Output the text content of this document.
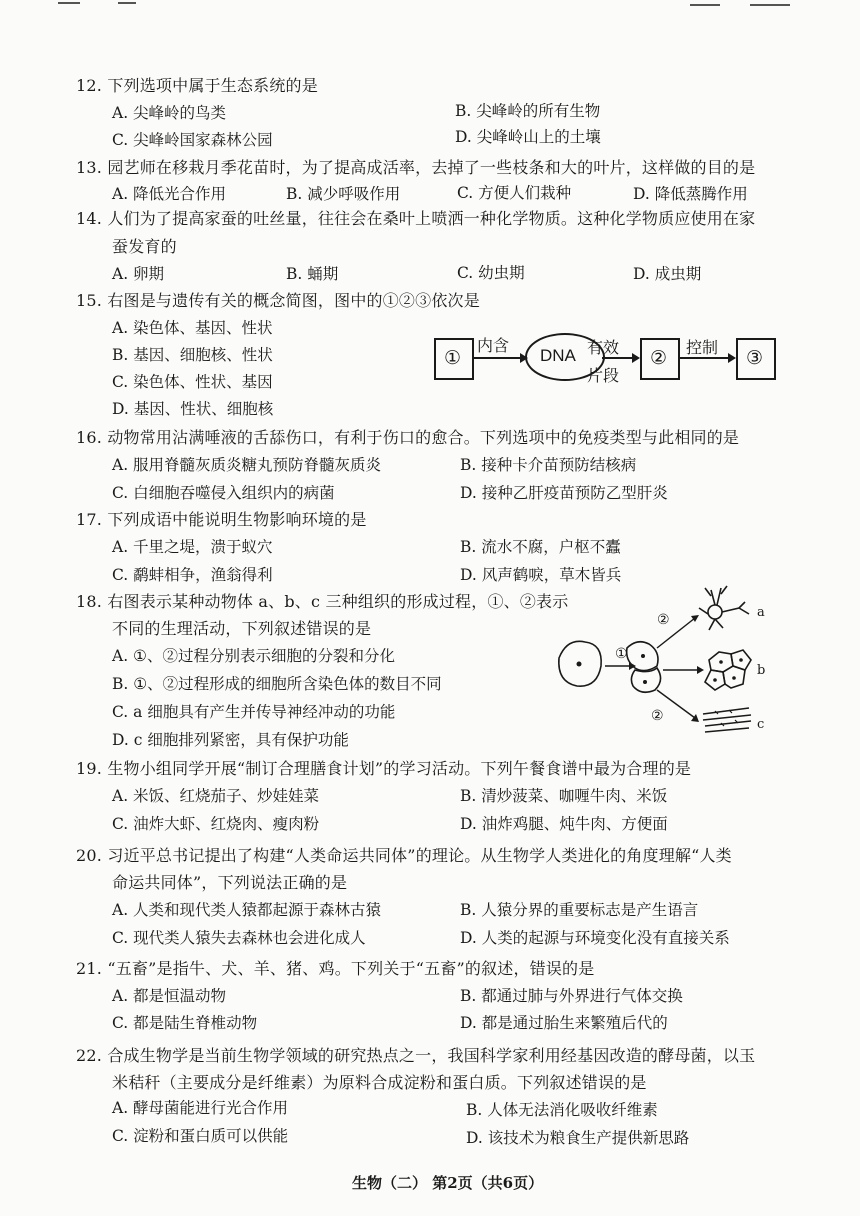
12. 下列选项中属于生态系统的是
A. 尖峰岭的鸟类	B. 尖峰岭的所有生物
C. 尖峰岭国家森林公园	D. 尖峰岭山上的土壤
13. 园艺师在移栽月季花苗时，为了提高成活率，去掉了一些枝条和大的叶片，这样做的目的是
A. 降低光合作用	B. 减少呼吸作用	C. 方便人们栽种	D. 降低蒸腾作用
14. 人们为了提高家蚕的吐丝量，往往会在桑叶上喷洒一种化学物质。这种化学物质应使用在家
蚕发育的
A. 卵期	B. 蛹期	C. 幼虫期	D. 成虫期
15. 右图是与遗传有关的概念简图，图中的①②③依次是
A. 染色体、基因、性状
B. 基因、细胞核、性状
C. 染色体、性状、基因
D. 基因、性状、细胞核
①
内含
DNA 有效
片段
② 控制 ③
16. 动物常用沾满唾液的舌舔伤口，有利于伤口的愈合。下列选项中的免疫类型与此相同的是
A. 服用脊髓灰质炎糖丸预防脊髓灰质炎	B. 接种卡介苗预防结核病
C. 白细胞吞噬侵入组织内的病菌	D. 接种乙肝疫苗预防乙型肝炎
17. 下列成语中能说明生物影响环境的是
A. 千里之堤，溃于蚁穴	B. 流水不腐，户枢不蠹
C. 鹬蚌相争，渔翁得利	D. 风声鹤唳，草木皆兵
18. 右图表示某种动物体 a、b、c 三种组织的形成过程，①、②表示
不同的生理活动，下列叙述错误的是
A. ①、②过程分别表示细胞的分裂和分化
B. ①、②过程形成的细胞所含染色体的数目不同
C. a 细胞具有产生并传导神经冲动的功能
D. c 细胞排列紧密，具有保护功能
①
②
②
a
b
c
19. 生物小组同学开展“制订合理膳食计划”的学习活动。下列午餐食谱中最为合理的是
A. 米饭、红烧茄子、炒娃娃菜	B. 清炒菠菜、咖喱牛肉、米饭
C. 油炸大虾、红烧肉、瘦肉粉	D. 油炸鸡腿、炖牛肉、方便面
20. 习近平总书记提出了构建“人类命运共同体”的理论。从生物学人类进化的角度理解“人类
命运共同体”，下列说法正确的是
A. 人类和现代类人猿都起源于森林古猿	B. 人猿分界的重要标志是产生语言
C. 现代类人猿失去森林也会进化成人	D. 人类的起源与环境变化没有直接关系
21. “五畜”是指牛、犬、羊、猪、鸡。下列关于“五畜”的叙述，错误的是
A. 都是恒温动物	B. 都通过肺与外界进行气体交换
C. 都是陆生脊椎动物	D. 都是通过胎生来繁殖后代的
22. 合成生物学是当前生物学领域的研究热点之一，我国科学家利用经基因改造的酵母菌，以玉
米秸秆（主要成分是纤维素）为原料合成淀粉和蛋白质。下列叙述错误的是
A. 酵母菌能进行光合作用	B. 人体无法消化吸收纤维素
C. 淀粉和蛋白质可以供能	D. 该技术为粮食生产提供新思路
生物（二） 第2页（共6页）
